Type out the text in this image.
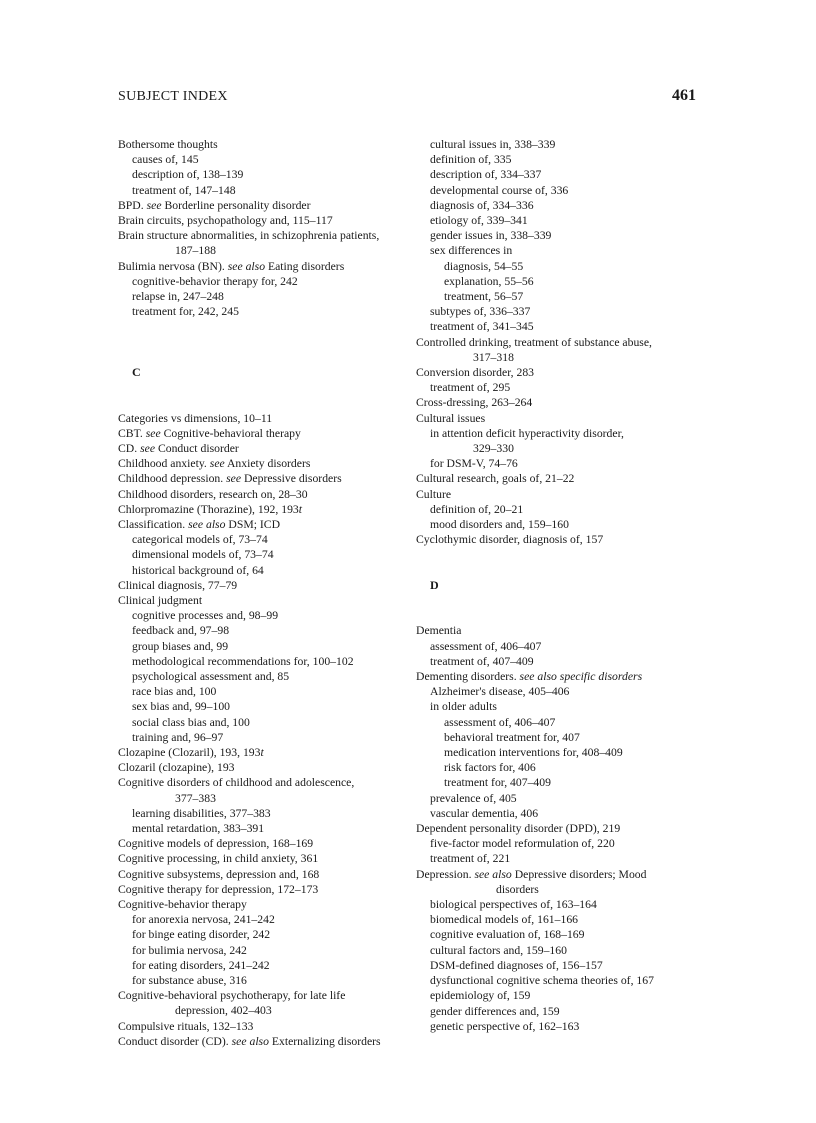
SUBJECT INDEX	461
Bothersome thoughts
causes of, 145
description of, 138–139
treatment of, 147–148
BPD. see Borderline personality disorder
Brain circuits, psychopathology and, 115–117
Brain structure abnormalities, in schizophrenia patients,
187–188
Bulimia nervosa (BN). see also Eating disorders
cognitive-behavior therapy for, 242
relapse in, 247–248
treatment for, 242, 245
C
Categories vs dimensions, 10–11
CBT. see Cognitive-behavioral therapy
CD. see Conduct disorder
Childhood anxiety. see Anxiety disorders
Childhood depression. see Depressive disorders
Childhood disorders, research on, 28–30
Chlorpromazine (Thorazine), 192, 193t
Classification. see also DSM; ICD
categorical models of, 73–74
dimensional models of, 73–74
historical background of, 64
Clinical diagnosis, 77–79
Clinical judgment
cognitive processes and, 98–99
feedback and, 97–98
group biases and, 99
methodological recommendations for, 100–102
psychological assessment and, 85
race bias and, 100
sex bias and, 99–100
social class bias and, 100
training and, 96–97
Clozapine (Clozaril), 193, 193t
Clozaril (clozapine), 193
Cognitive disorders of childhood and adolescence,
377–383
learning disabilities, 377–383
mental retardation, 383–391
Cognitive models of depression, 168–169
Cognitive processing, in child anxiety, 361
Cognitive subsystems, depression and, 168
Cognitive therapy for depression, 172–173
Cognitive-behavior therapy
for anorexia nervosa, 241–242
for binge eating disorder, 242
for bulimia nervosa, 242
for eating disorders, 241–242
for substance abuse, 316
Cognitive-behavioral psychotherapy, for late life
depression, 402–403
Compulsive rituals, 132–133
Conduct disorder (CD). see also Externalizing disorders
cultural issues in, 338–339
definition of, 335
description of, 334–337
developmental course of, 336
diagnosis of, 334–336
etiology of, 339–341
gender issues in, 338–339
sex differences in
diagnosis, 54–55
explanation, 55–56
treatment, 56–57
subtypes of, 336–337
treatment of, 341–345
Controlled drinking, treatment of substance abuse,
317–318
Conversion disorder, 283
treatment of, 295
Cross-dressing, 263–264
Cultural issues
in attention deficit hyperactivity disorder,
329–330
for DSM-V, 74–76
Cultural research, goals of, 21–22
Culture
definition of, 20–21
mood disorders and, 159–160
Cyclothymic disorder, diagnosis of, 157
D
Dementia
assessment of, 406–407
treatment of, 407–409
Dementing disorders. see also specific disorders
Alzheimer's disease, 405–406
in older adults
assessment of, 406–407
behavioral treatment for, 407
medication interventions for, 408–409
risk factors for, 406
treatment for, 407–409
prevalence of, 405
vascular dementia, 406
Dependent personality disorder (DPD), 219
five-factor model reformulation of, 220
treatment of, 221
Depression. see also Depressive disorders; Mood
disorders
biological perspectives of, 163–164
biomedical models of, 161–166
cognitive evaluation of, 168–169
cultural factors and, 159–160
DSM-defined diagnoses of, 156–157
dysfunctional cognitive schema theories of, 167
epidemiology of, 159
gender differences and, 159
genetic perspective of, 162–163
